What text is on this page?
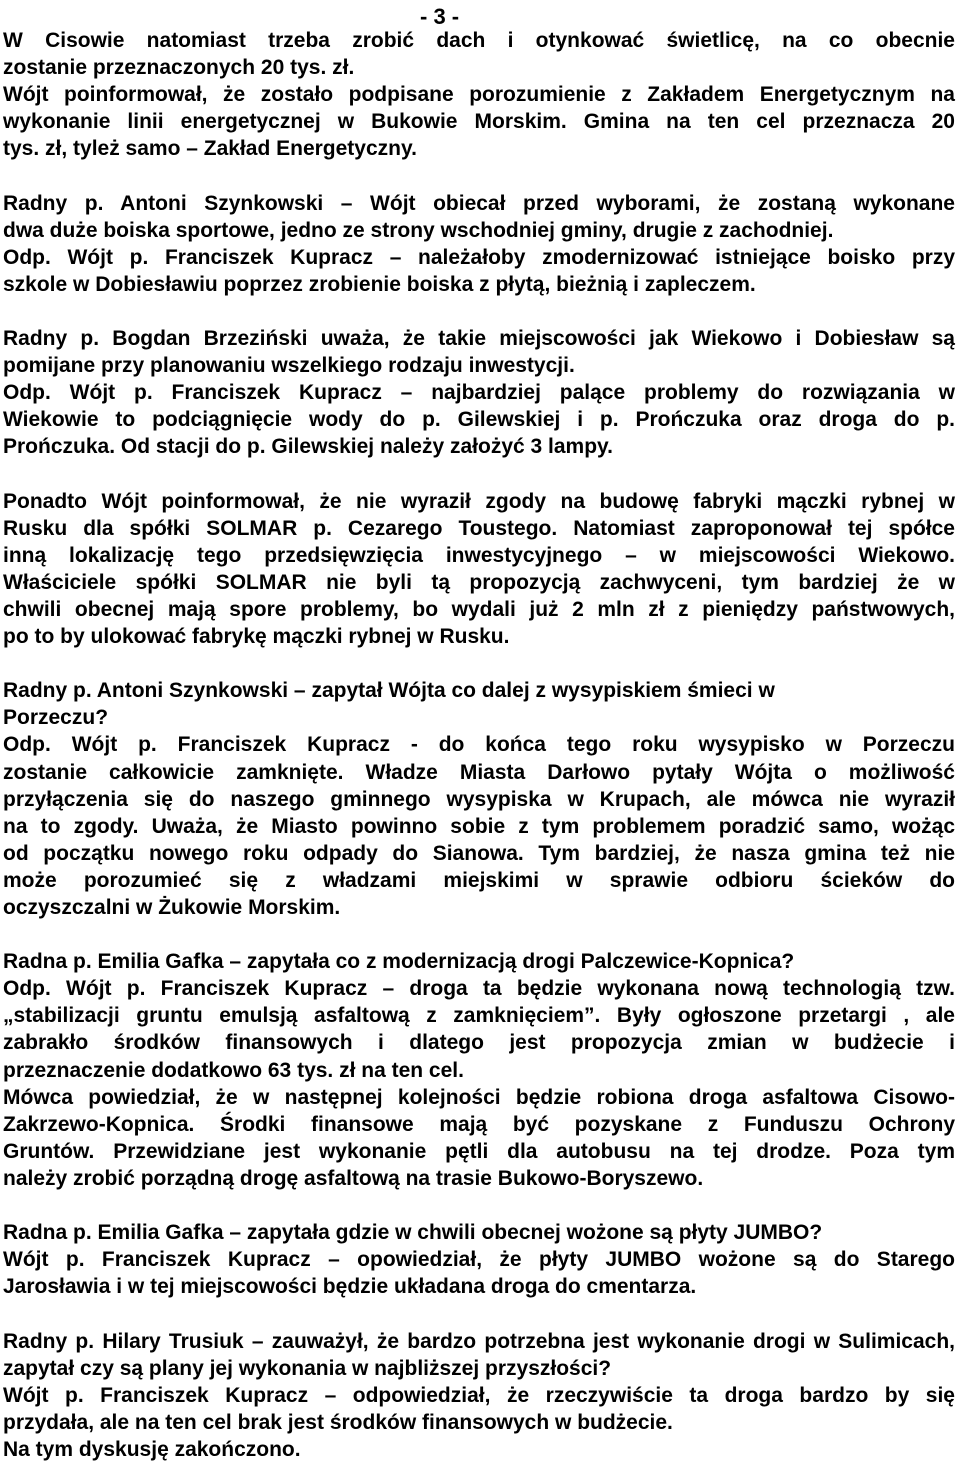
- 3 -
W Cisowie natomiast trzeba zrobić dach i otynkować świetlicę, na co obecnie
zostanie przeznaczonych 20 tys. zł.
Wójt poinformował, że zostało podpisane porozumienie z Zakładem Energetycznym na
wykonanie linii energetycznej w Bukowie Morskim. Gmina na ten cel przeznacza 20
tys. zł, tyleż samo – Zakład Energetyczny.
Radny p. Antoni Szynkowski – Wójt obiecał przed wyborami, że zostaną wykonane
dwa duże boiska sportowe, jedno ze strony wschodniej gminy, drugie z zachodniej.
Odp. Wójt p. Franciszek Kupracz – należałoby zmodernizować istniejące boisko przy
szkole w Dobiesławiu poprzez zrobienie boiska z płytą, bieżnią i zapleczem.
Radny p. Bogdan Brzeziński uważa, że takie miejscowości jak Wiekowo i Dobiesław są
pomijane przy planowaniu wszelkiego rodzaju inwestycji.
Odp. Wójt p. Franciszek Kupracz – najbardziej palące problemy do rozwiązania w
Wiekowie to podciągnięcie wody do p. Gilewskiej i p. Prończuka oraz droga do p.
Prończuka. Od stacji do p. Gilewskiej należy założyć 3 lampy.
Ponadto Wójt poinformował, że nie wyraził zgody na budowę fabryki mączki rybnej w
Rusku dla spółki SOLMAR p. Cezarego Toustego. Natomiast zaproponował tej spółce
inną lokalizację tego przedsięwzięcia inwestycyjnego – w miejscowości Wiekowo.
Właściciele spółki SOLMAR nie byli tą propozycją zachwyceni, tym bardziej że w
chwili obecnej mają spore problemy, bo wydali już 2 mln zł z pieniędzy państwowych,
po to by ulokować fabrykę mączki rybnej w Rusku.
Radny p. Antoni Szynkowski – zapytał Wójta co dalej z wysypiskiem śmieci w
Porzeczu?
Odp. Wójt p. Franciszek Kupracz - do końca tego roku wysypisko w Porzeczu
zostanie całkowicie zamknięte. Władze Miasta Darłowo pytały Wójta o możliwość
przyłączenia się do naszego gminnego wysypiska w Krupach, ale mówca nie wyraził
na to zgody. Uważa, że Miasto powinno sobie z tym problemem poradzić samo, wożąc
od początku nowego roku odpady do Sianowa. Tym bardziej, że nasza gmina też nie
może porozumieć się z władzami miejskimi w sprawie odbioru ścieków do
oczyszczalni w Żukowie Morskim.
Radna p. Emilia Gafka – zapytała co z modernizacją drogi Palczewice-Kopnica?
Odp. Wójt p. Franciszek Kupracz – droga ta będzie wykonana nową technologią tzw.
„stabilizacji gruntu emulsją asfaltową z zamknięciem”. Były ogłoszone przetargi , ale
zabrakło środków finansowych i dlatego jest propozycja zmian w budżecie i
przeznaczenie dodatkowo 63 tys. zł na ten cel.
Mówca powiedział, że w następnej kolejności będzie robiona droga asfaltowa Cisowo-
Zakrzewo-Kopnica. Środki finansowe mają być pozyskane z Funduszu Ochrony
Gruntów. Przewidziane jest wykonanie pętli dla autobusu na tej drodze. Poza tym
należy zrobić porządną drogę asfaltową na trasie Bukowo-Boryszewo.
Radna p. Emilia Gafka – zapytała gdzie w chwili obecnej wożone są płyty JUMBO?
Wójt p. Franciszek Kupracz – opowiedział, że płyty JUMBO wożone są do Starego
Jarosławia i w tej miejscowości będzie układana droga do cmentarza.
Radny p. Hilary Trusiuk – zauważył, że bardzo potrzebna jest wykonanie drogi w Sulimicach,
zapytał czy są plany jej wykonania w najbliższej przyszłości?
Wójt p. Franciszek Kupracz – odpowiedział, że rzeczywiście ta droga bardzo by się
przydała, ale na ten cel brak jest środków finansowych w budżecie.
Na tym dyskusję zakończono.
